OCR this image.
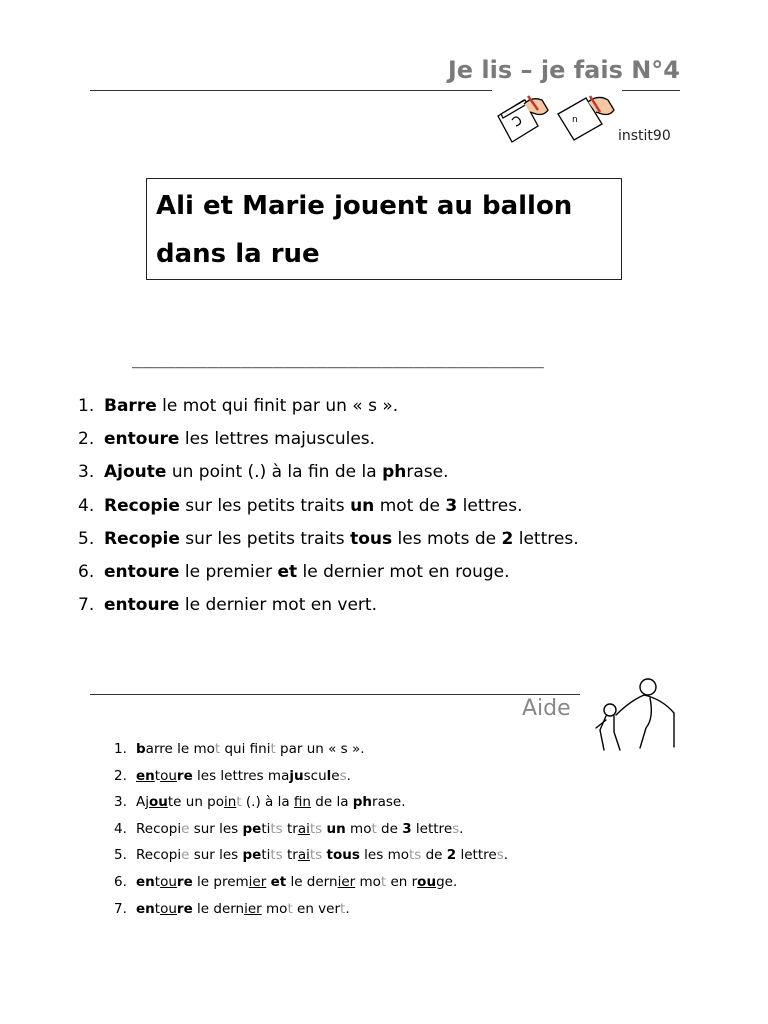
Je lis – je fais N°4
n
instit90
Ali et Marie jouent au ballon
dans la rue
______________________________________
1. Barre le mot qui finit par un « s ».
2. entoure les lettres majuscules.
3. Ajoute un point (.) à la fin de la phrase.
4. Recopie sur les petits traits un mot de 3 lettres.
5. Recopie sur les petits traits tous les mots de 2 lettres.
6. entoure le premier et le dernier mot en rouge.
7. entoure le dernier mot en vert.
Aide
1. barre le mot qui finit par un « s ».
2. entoure les lettres majuscules.
3. Ajoute un point (.) à la fin de la phrase.
4. Recopie sur les petits traits un mot de 3 lettres.
5. Recopie sur les petits traits tous les mots de 2 lettres.
6. entoure le premier et le dernier mot en rouge.
7. entoure le dernier mot en vert.
